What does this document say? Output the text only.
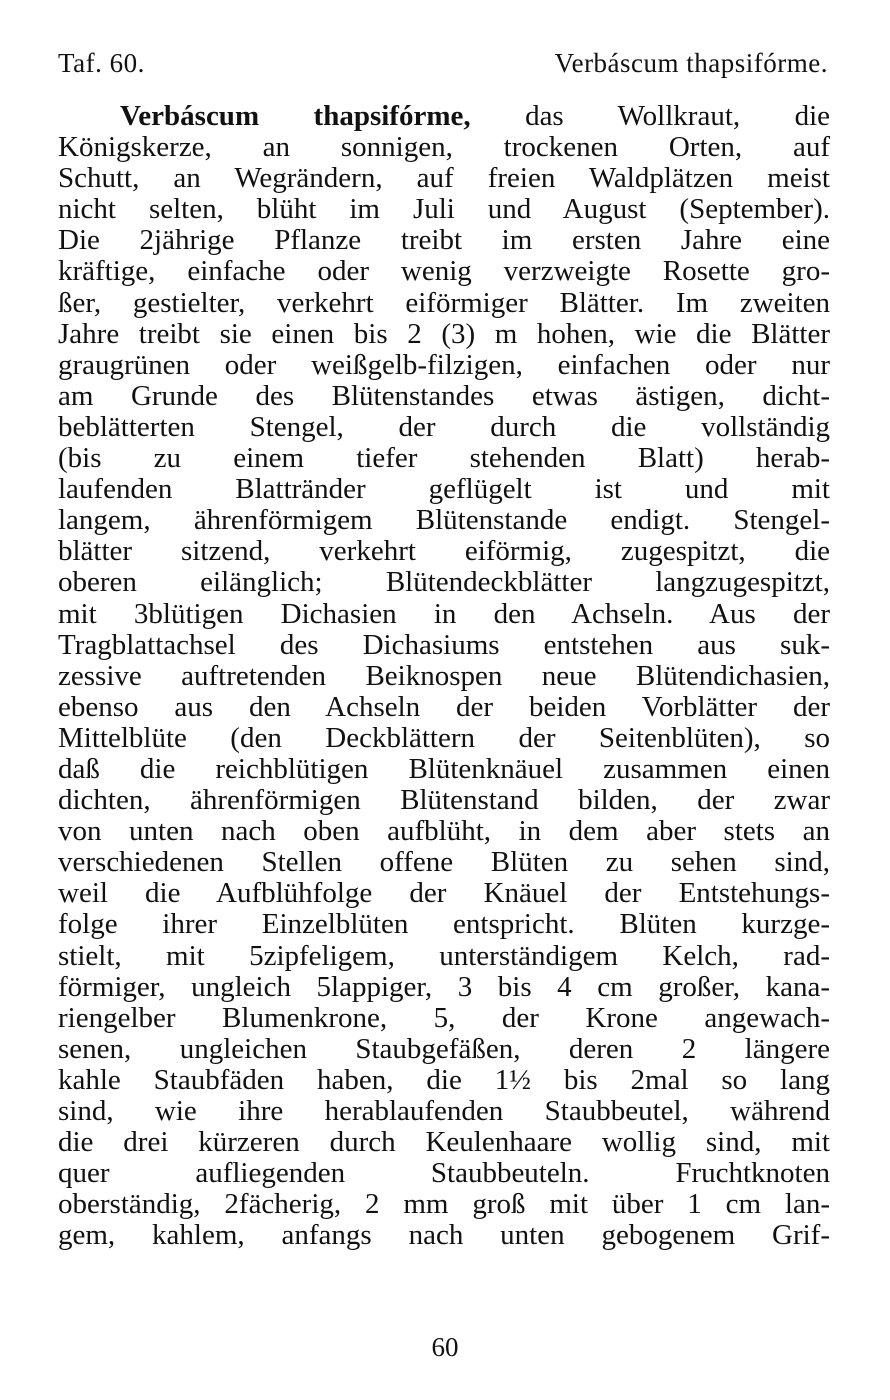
Taf. 60.	Verbáscum thapsifórme.
Verbáscum thapsifórme, das Wollkraut, die
Königskerze, an sonnigen, trockenen Orten, auf
Schutt, an Wegrändern, auf freien Waldplätzen meist
nicht selten, blüht im Juli und August (September).
Die 2jährige Pflanze treibt im ersten Jahre eine
kräftige, einfache oder wenig verzweigte Rosette gro-
ßer, gestielter, verkehrt eiförmiger Blätter. Im zweiten
Jahre treibt sie einen bis 2 (3) m hohen, wie die Blätter
graugrünen oder weißgelb-filzigen, einfachen oder nur
am Grunde des Blütenstandes etwas ästigen, dicht-
beblätterten Stengel, der durch die vollständig
(bis zu einem tiefer stehenden Blatt) herab-
laufenden Blattränder geflügelt ist und mit
langem, ährenförmigem Blütenstande endigt. Stengel-
blätter sitzend, verkehrt eiförmig, zugespitzt, die
oberen eilänglich; Blütendeckblätter langzugespitzt,
mit 3blütigen Dichasien in den Achseln. Aus der
Tragblattachsel des Dichasiums entstehen aus suk-
zessive auftretenden Beiknospen neue Blütendichasien,
ebenso aus den Achseln der beiden Vorblätter der
Mittelblüte (den Deckblättern der Seitenblüten), so
daß die reichblütigen Blütenknäuel zusammen einen
dichten, ährenförmigen Blütenstand bilden, der zwar
von unten nach oben aufblüht, in dem aber stets an
verschiedenen Stellen offene Blüten zu sehen sind,
weil die Aufblühfolge der Knäuel der Entstehungs-
folge ihrer Einzelblüten entspricht. Blüten kurzge-
stielt, mit 5zipfeligem, unterständigem Kelch, rad-
förmiger, ungleich 5lappiger, 3 bis 4 cm großer, kana-
riengelber Blumenkrone, 5, der Krone angewach-
senen, ungleichen Staubgefäßen, deren 2 längere
kahle Staubfäden haben, die 1½ bis 2mal so lang
sind, wie ihre herablaufenden Staubbeutel, während
die drei kürzeren durch Keulenhaare wollig sind, mit
quer aufliegenden Staubbeuteln. Fruchtknoten
oberständig, 2fächerig, 2 mm groß mit über 1 cm lan-
gem, kahlem, anfangs nach unten gebogenem Grif-
60
